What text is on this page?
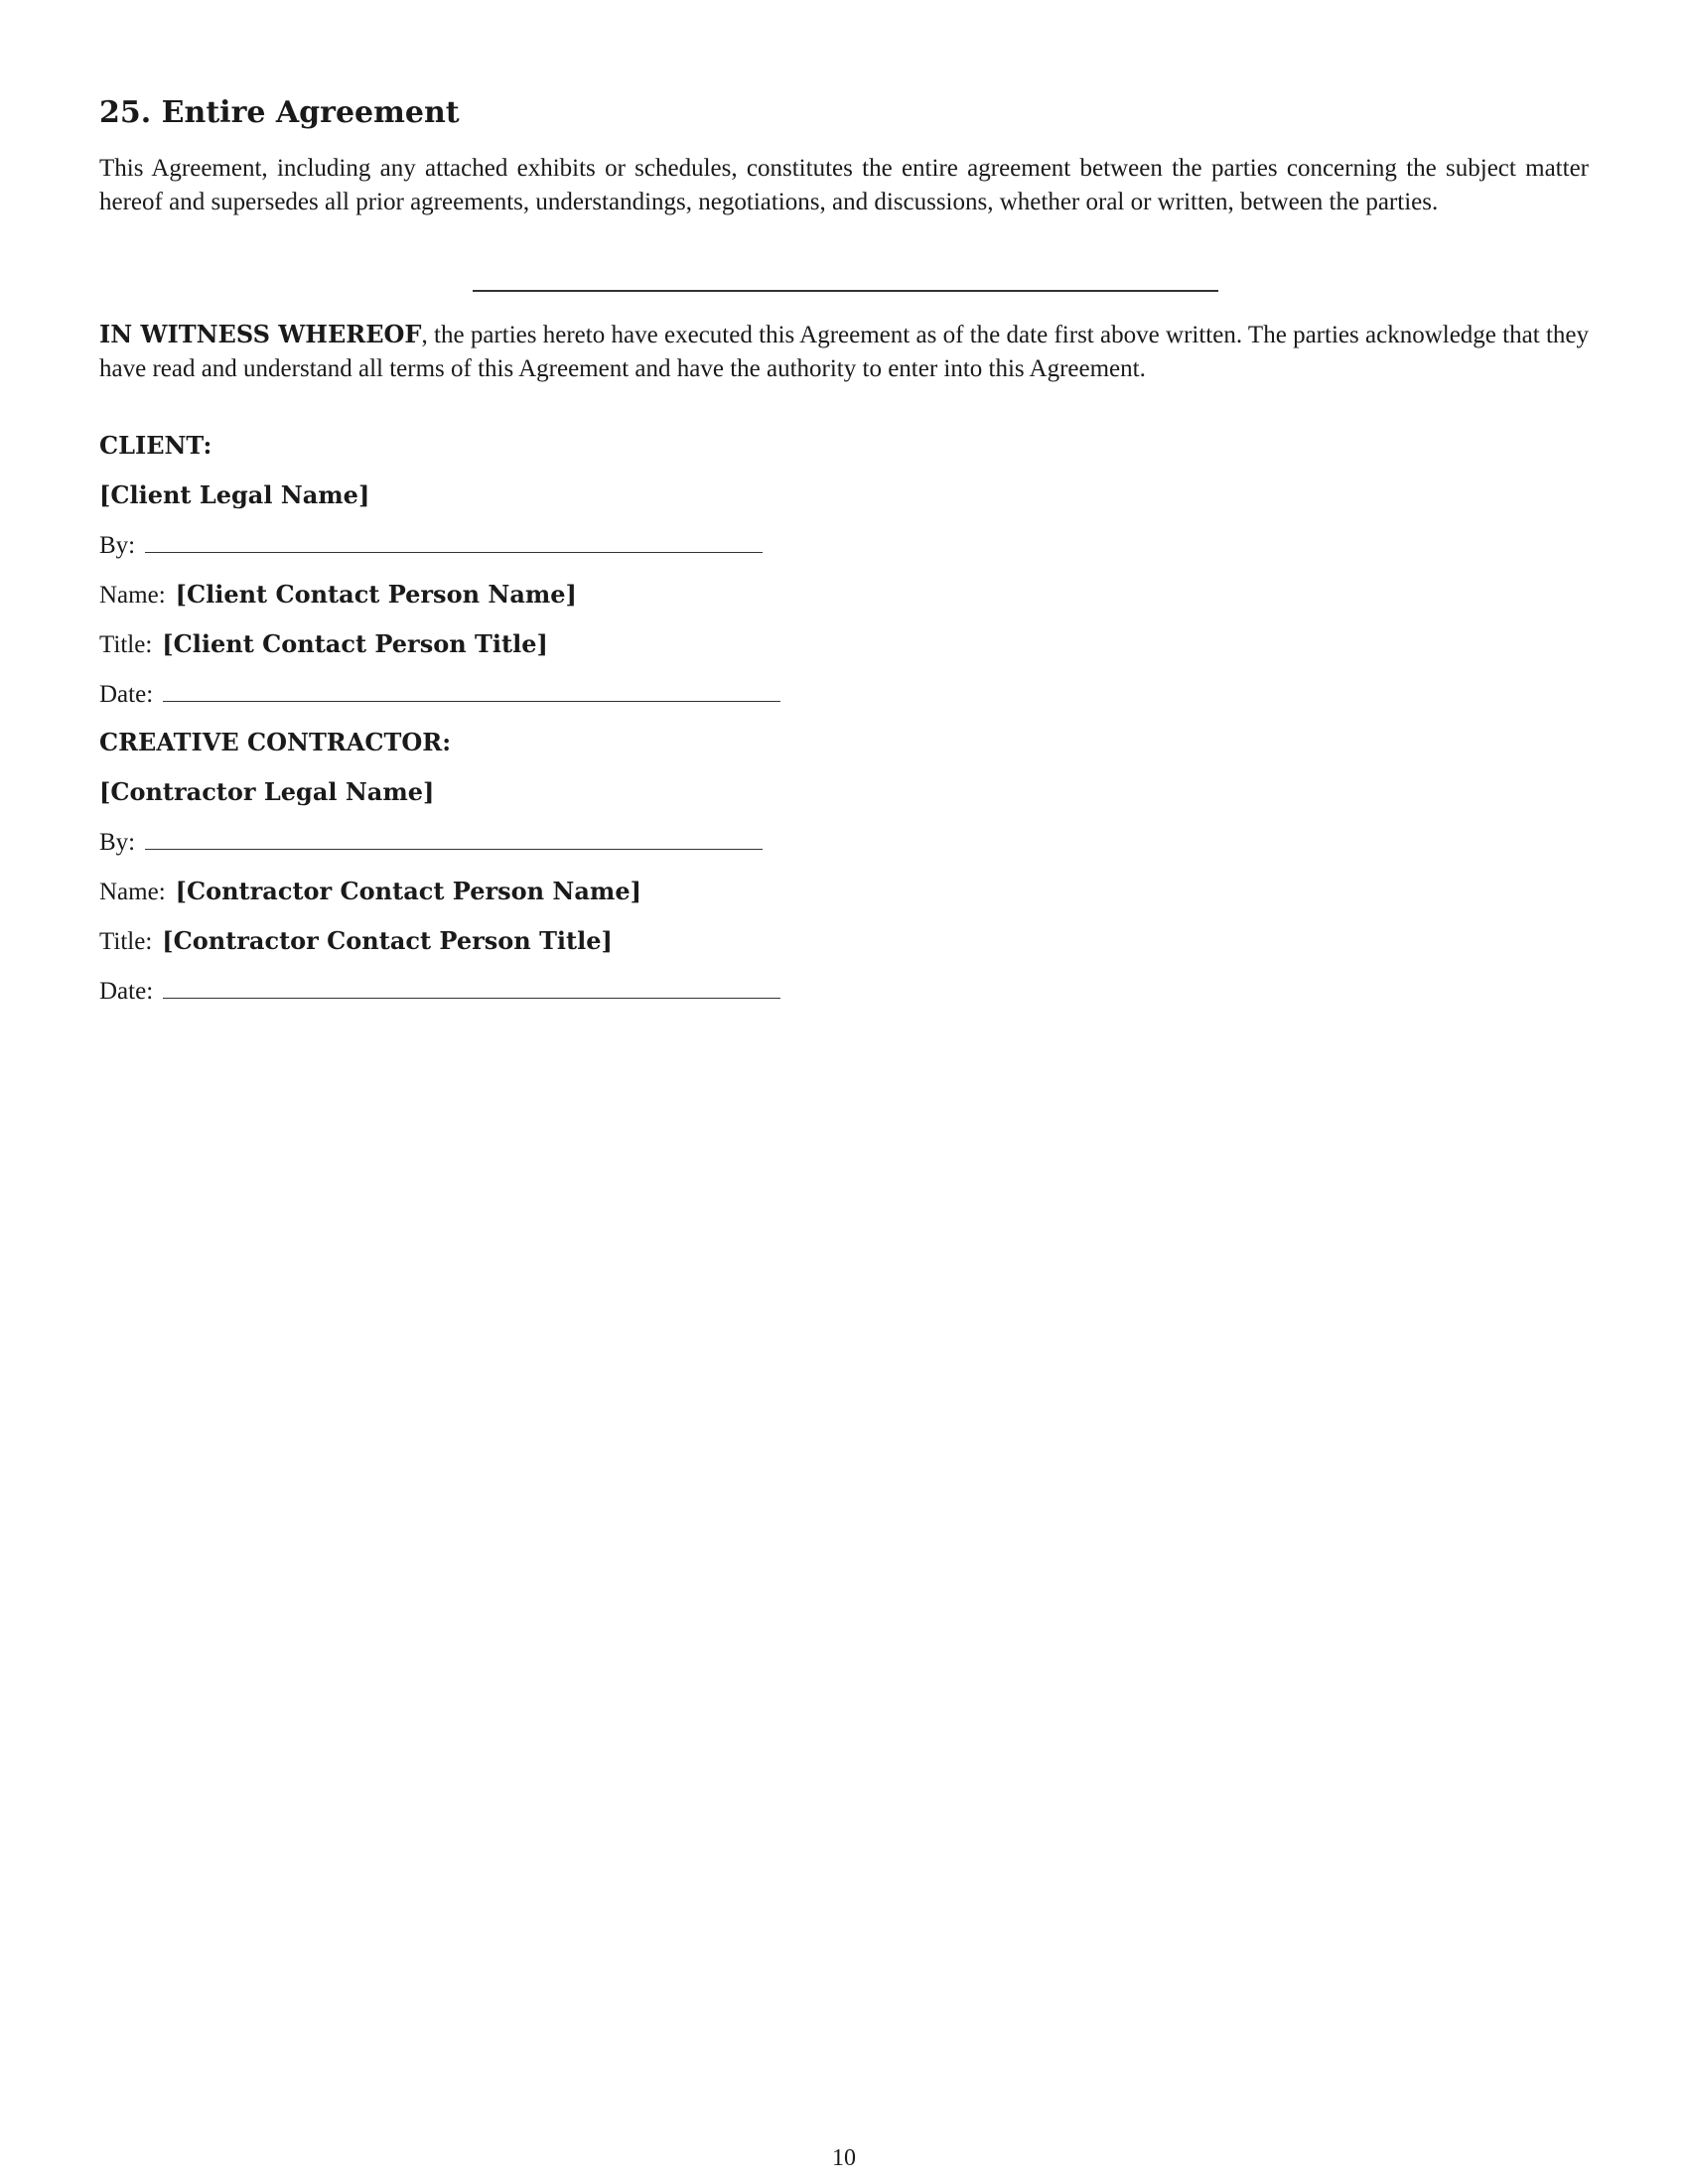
25. Entire Agreement

This Agreement, including any attached exhibits or schedules, constitutes the entire agreement between the parties concerning the subject matter hereof and supersedes all prior agreements, understandings, negotiations, and discussions, whether oral or written, between the parties.

IN WITNESS WHEREOF, the parties hereto have executed this Agreement as of the date first above written. The parties acknowledge that they have read and understand all terms of this Agreement and have the authority to enter into this Agreement.

CLIENT:
[Client Legal Name]
By:
Name: [Client Contact Person Name]
Title: [Client Contact Person Title]
Date:
CREATIVE CONTRACTOR:
[Contractor Legal Name]
By:
Name: [Contractor Contact Person Name]
Title: [Contractor Contact Person Title]
Date:
10
